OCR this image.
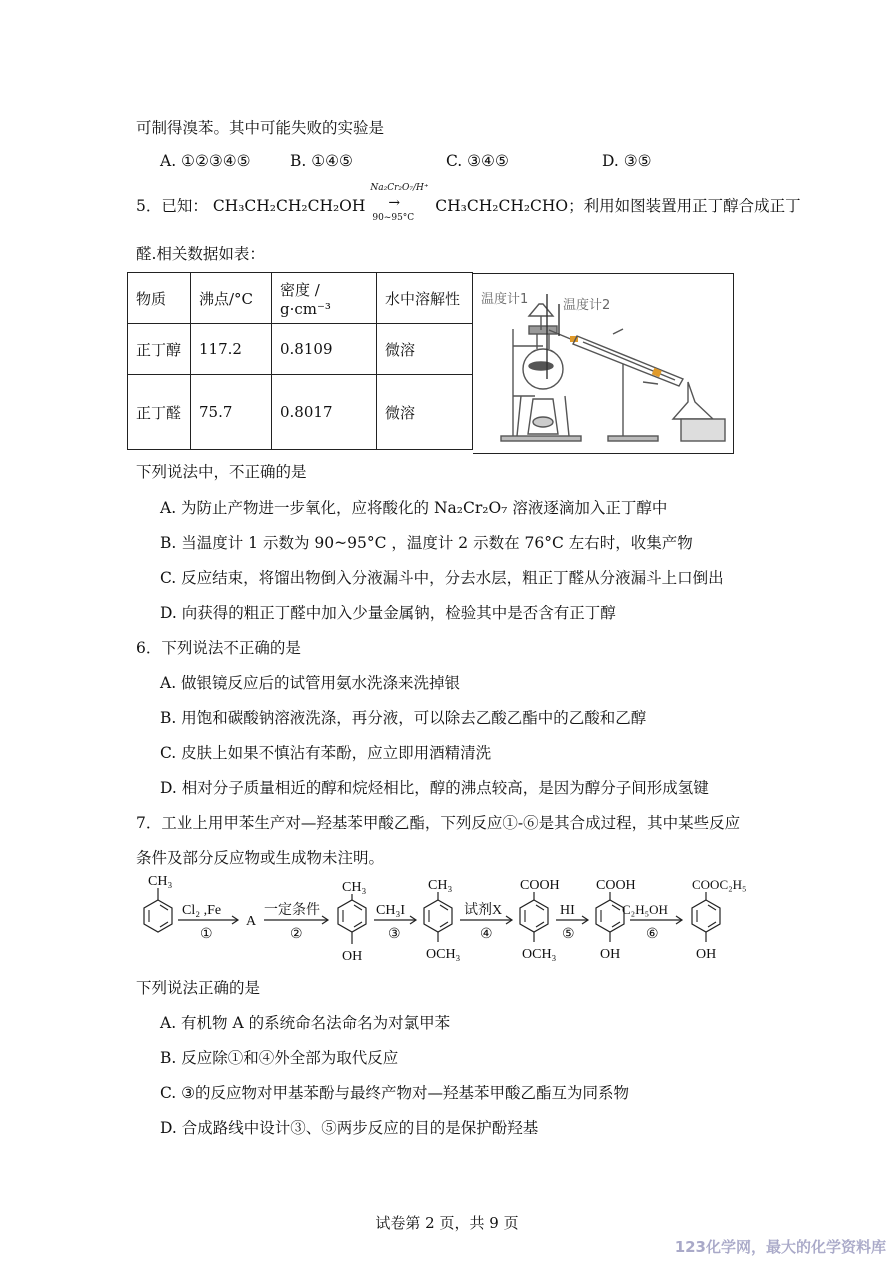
可制得溴苯。其中可能失败的实验是
A. ①②③④⑤	B. ①④⑤	C. ③④⑤	D. ③⑤
5．已知： CH₃CH₂CH₂CH₂OH
Na₂Cr₂O₇/H⁺
→
90~95°C
CH₃CH₂CH₂CHO；利用如图装置用正丁醇合成正丁
醛.相关数据如表：
物质	沸点/°C	密度 / g·cm⁻³	水中溶解性
正丁醇	117.2	0.8109	微溶
正丁醛	75.7	0.8017	微溶
温度计1	温度计2
下列说法中，不正确的是
A. 为防止产物进一步氧化，应将酸化的 Na₂Cr₂O₇ 溶液逐滴加入正丁醇中
B. 当温度计 1 示数为 90~95°C ，温度计 2 示数在 76°C 左右时，收集产物
C. 反应结束，将馏出物倒入分液漏斗中，分去水层，粗正丁醛从分液漏斗上口倒出
D. 向获得的粗正丁醛中加入少量金属钠，检验其中是否含有正丁醇
6．下列说法不正确的是
A. 做银镜反应后的试管用氨水洗涤来洗掉银
B. 用饱和碳酸钠溶液洗涤，再分液，可以除去乙酸乙酯中的乙酸和乙醇
C. 皮肤上如果不慎沾有苯酚，应立即用酒精清洗
D. 相对分子质量相近的醇和烷烃相比，醇的沸点较高，是因为醇分子间形成氢键
7．工业上用甲苯生产对—羟基苯甲酸乙酯，下列反应①-⑥是其合成过程，其中某些反应
条件及部分反应物或生成物未注明。
CH₃
Cl₂ ,Fe
①
A
一定条件
②
CH₃
OH
CH₃I
③
CH₃
OCH₃
试剂X
④
COOH
OCH₃
HI
⑤
COOH
OH
C₂H₅OH
⑥
COOC₂H₅
OH
下列说法正确的是
A. 有机物 A 的系统命名法命名为对氯甲苯
B. 反应除①和④外全部为取代反应
C. ③的反应物对甲基苯酚与最终产物对—羟基苯甲酸乙酯互为同系物
D. 合成路线中设计③、⑤两步反应的目的是保护酚羟基
试卷第 2 页，共 9 页
123化学网，最大的化学资料库
